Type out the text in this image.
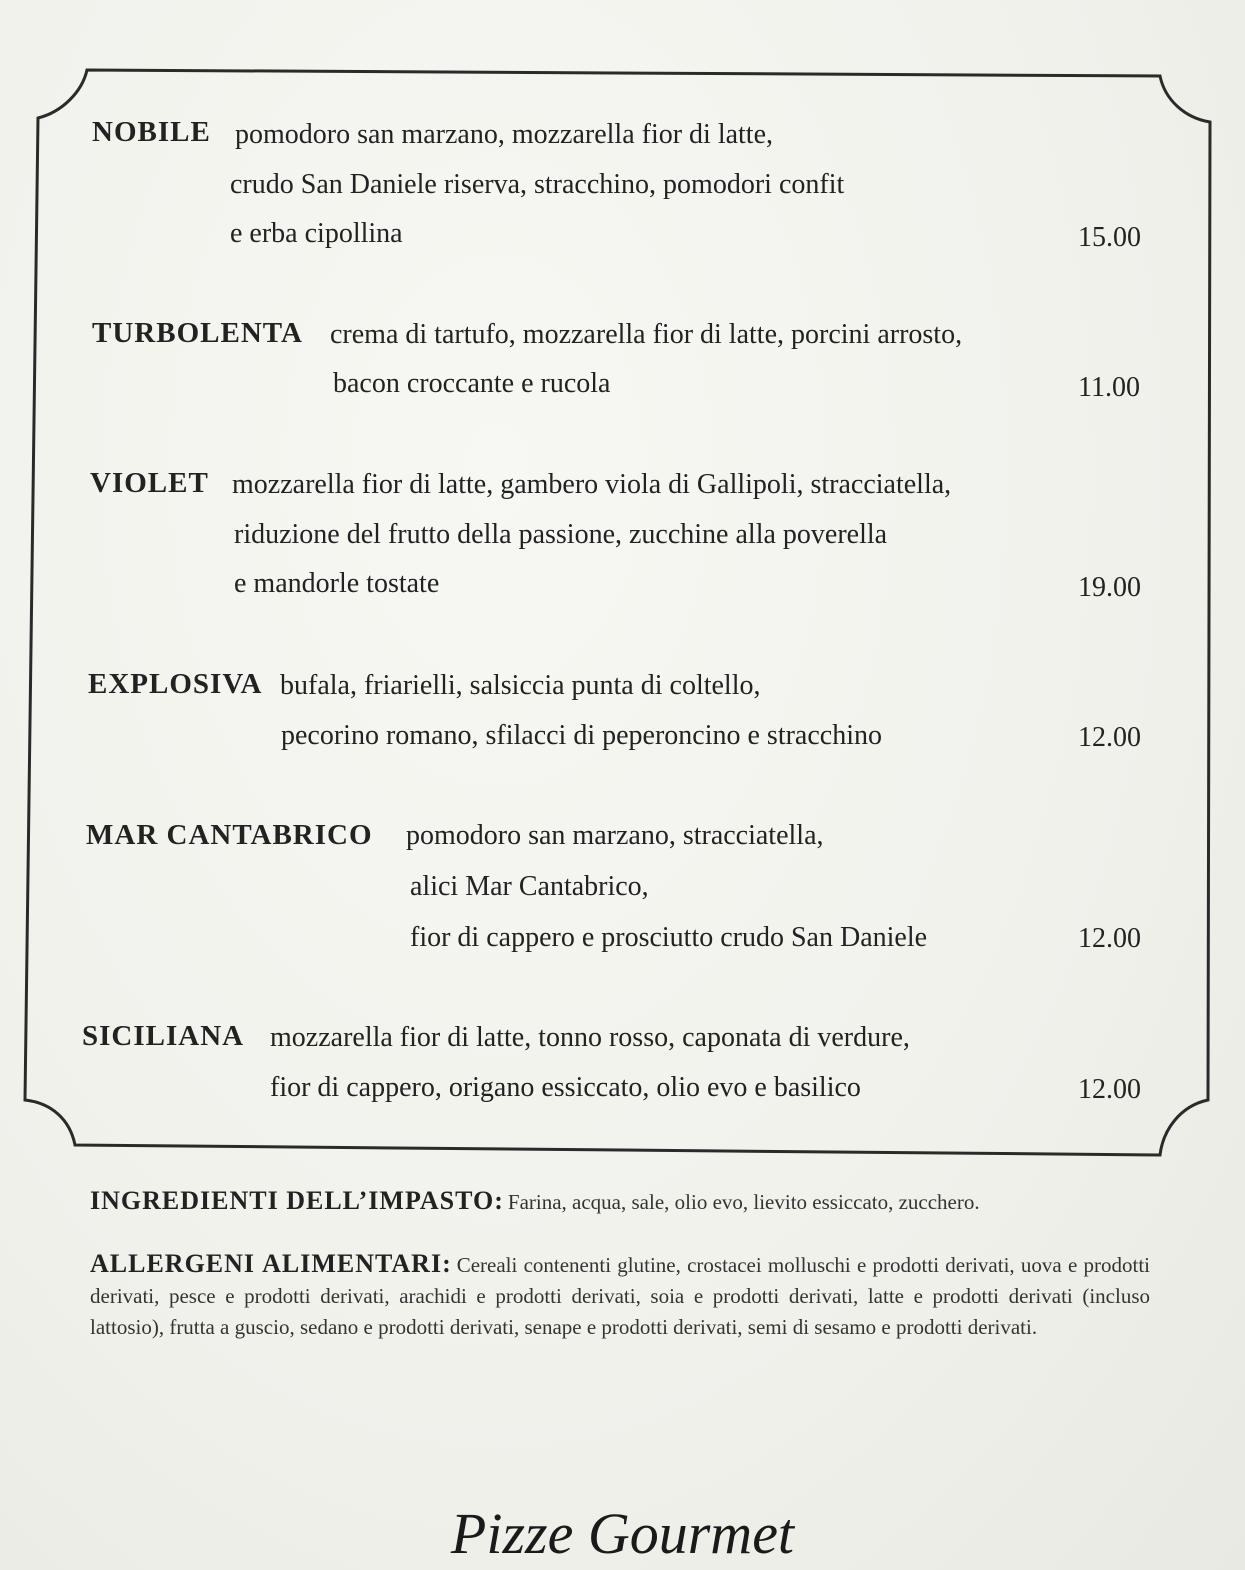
NOBILE pomodoro san marzano, mozzarella fior di latte,
crudo San Daniele riserva, stracchino, pomodori confit
e erba cipollina	15.00
TURBOLENTA crema di tartufo, mozzarella fior di latte, porcini arrosto,
bacon croccante e rucola	11.00
VIOLET mozzarella fior di latte, gambero viola di Gallipoli, stracciatella,
riduzione del frutto della passione, zucchine alla poverella
e mandorle tostate	19.00
EXPLOSIVA bufala, friarielli, salsiccia punta di coltello,
pecorino romano, sfilacci di peperoncino e stracchino	12.00
MAR CANTABRICO pomodoro san marzano, stracciatella,
alici Mar Cantabrico,
fior di cappero e prosciutto crudo San Daniele	12.00
SICILIANA mozzarella fior di latte, tonno rosso, caponata di verdure,
fior di cappero, origano essiccato, olio evo e basilico	12.00
INGREDIENTI DELL’IMPASTO: Farina, acqua, sale, olio evo, lievito essiccato, zucchero.
ALLERGENI ALIMENTARI: Cereali contenenti glutine, crostacei molluschi e prodotti derivati, uova e prodotti derivati, pesce e prodotti derivati, arachidi e prodotti derivati, soia e prodotti derivati, latte e prodotti derivati (incluso lattosio), frutta a guscio, sedano e prodotti derivati, senape e prodotti derivati, semi di sesamo e prodotti derivati.
Pizze Gourmet
